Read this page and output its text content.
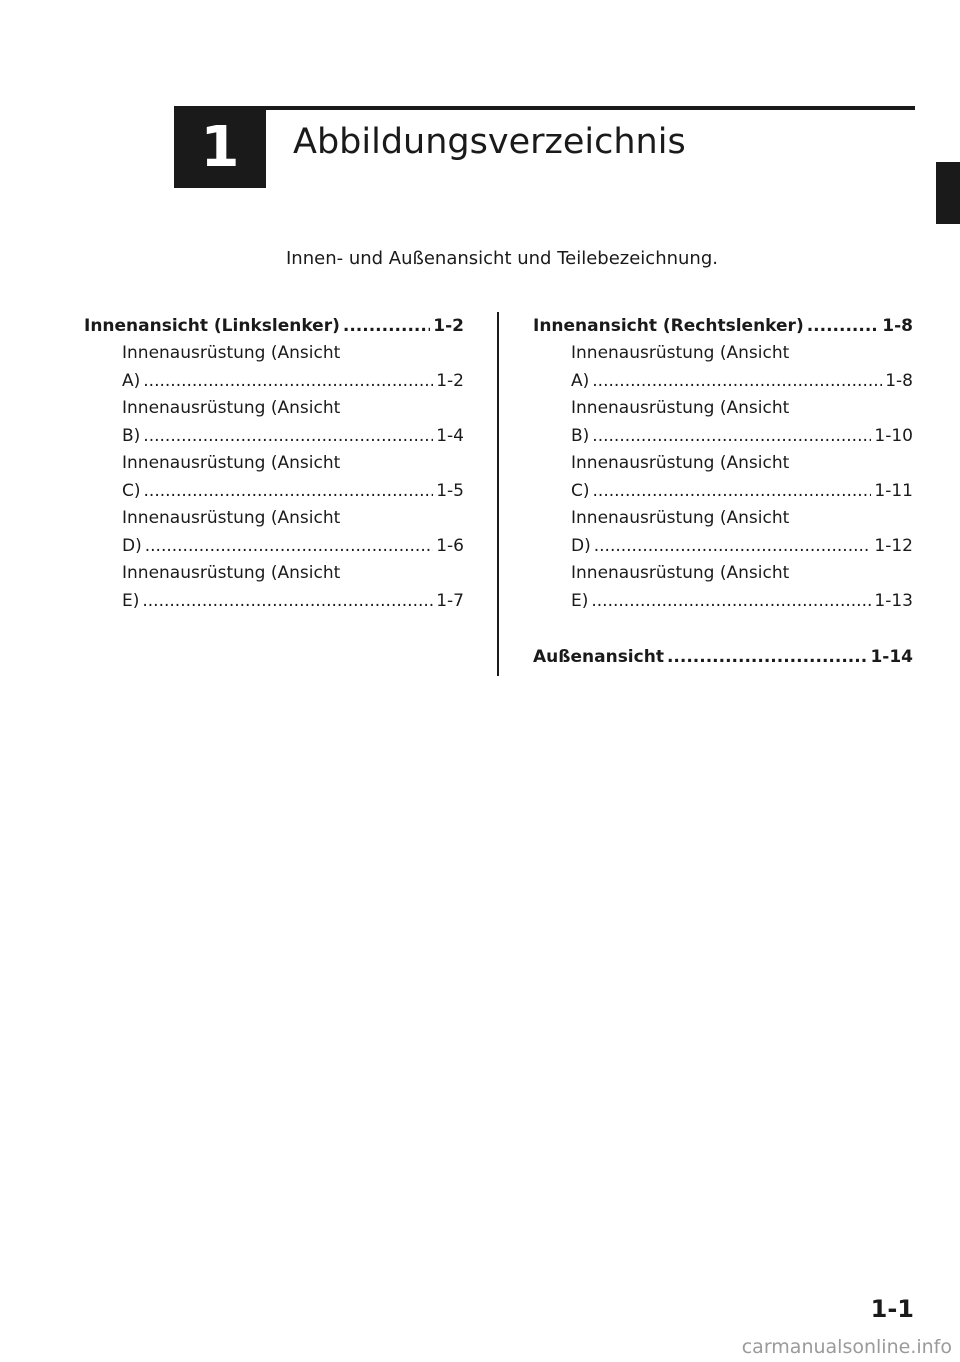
1	Abbildungsverzeichnis
Innen- und Außenansicht und Teilebezeichnung.
Innenansicht (Linkslenker) .....	1-2
Innenausrüstung (Ansicht
A) .....	1-2
Innenausrüstung (Ansicht
B) .....	1-4
Innenausrüstung (Ansicht
C) .....	1-5
Innenausrüstung (Ansicht
D) .....	1-6
Innenausrüstung (Ansicht
E) .....	1-7
Innenansicht (Rechtslenker) .....	1-8
Innenausrüstung (Ansicht
A) .....	1-8
Innenausrüstung (Ansicht
B) .....	1-10
Innenausrüstung (Ansicht
C) .....	1-11
Innenausrüstung (Ansicht
D) .....	1-12
Innenausrüstung (Ansicht
E) .....	1-13
Außenansicht .....	1-14
1-1
carmanualsonline.info
